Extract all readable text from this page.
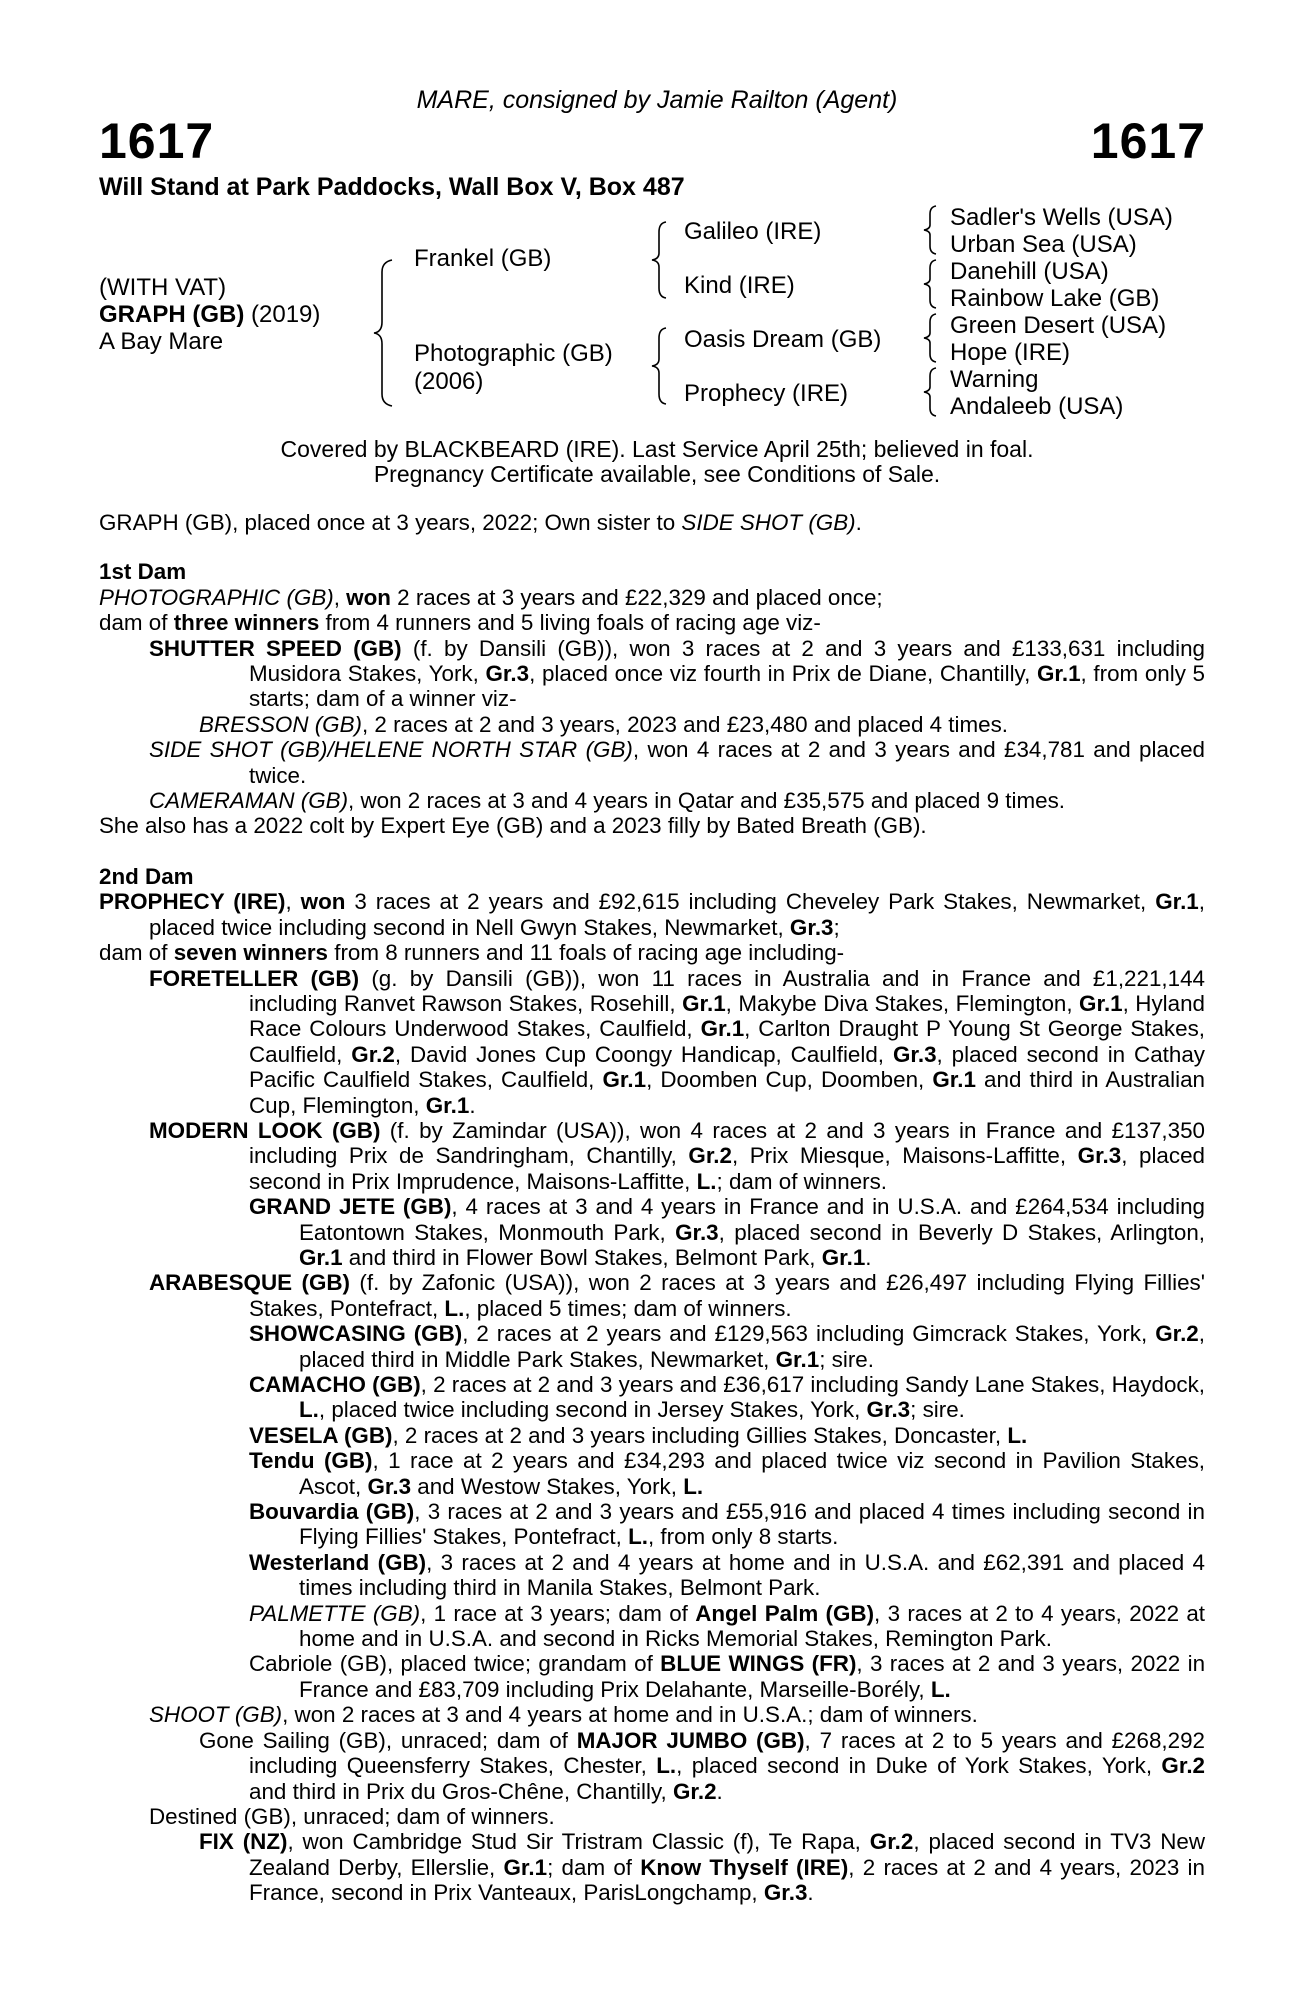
1617	1617
MARE, consigned by Jamie Railton (Agent)
Will Stand at Park Paddocks, Wall Box V, Box 487
(WITH VAT)
GRAPH (GB) (2019)
A Bay Mare
Frankel (GB)
Photographic (GB)
(2006)
Galileo (IRE)
Kind (IRE)
Oasis Dream (GB)
Prophecy (IRE)
Sadler's Wells (USA)
Urban Sea (USA)
Danehill (USA)
Rainbow Lake (GB)
Green Desert (USA)
Hope (IRE)
Warning
Andaleeb (USA)
Covered by BLACKBEARD (IRE). Last Service April 25th; believed in foal.
Pregnancy Certificate available, see Conditions of Sale.

GRAPH (GB), placed once at 3 years, 2022; Own sister to SIDE SHOT (GB).

1st Dam

PHOTOGRAPHIC (GB), won 2 races at 3 years and £22,329 and placed once;

dam of three winners from 4 runners and 5 living foals of racing age viz-

SHUTTER SPEED (GB) (f. by Dansili (GB)), won 3 races at 2 and 3 years and £133,631 including Musidora Stakes, York, Gr.3, placed once viz fourth in Prix de Diane, Chantilly, Gr.1, from only 5 starts; dam of a winner viz-

BRESSON (GB), 2 races at 2 and 3 years, 2023 and £23,480 and placed 4 times.

SIDE SHOT (GB)/HELENE NORTH STAR (GB), won 4 races at 2 and 3 years and £34,781 and placed twice.

CAMERAMAN (GB), won 2 races at 3 and 4 years in Qatar and £35,575 and placed 9 times.

She also has a 2022 colt by Expert Eye (GB) and a 2023 filly by Bated Breath (GB).

2nd Dam

PROPHECY (IRE), won 3 races at 2 years and £92,615 including Cheveley Park Stakes, Newmarket, Gr.1, placed twice including second in Nell Gwyn Stakes, Newmarket, Gr.3;

dam of seven winners from 8 runners and 11 foals of racing age including-

FORETELLER (GB) (g. by Dansili (GB)), won 11 races in Australia and in France and £1,221,144 including Ranvet Rawson Stakes, Rosehill, Gr.1, Makybe Diva Stakes, Flemington, Gr.1, Hyland Race Colours Underwood Stakes, Caulfield, Gr.1, Carlton Draught P Young St George Stakes, Caulfield, Gr.2, David Jones Cup Coongy Handicap, Caulfield, Gr.3, placed second in Cathay Pacific Caulfield Stakes, Caulfield, Gr.1, Doomben Cup, Doomben, Gr.1 and third in Australian Cup, Flemington, Gr.1.

MODERN LOOK (GB) (f. by Zamindar (USA)), won 4 races at 2 and 3 years in France and £137,350 including Prix de Sandringham, Chantilly, Gr.2, Prix Miesque, Maisons-Laffitte, Gr.3, placed second in Prix Imprudence, Maisons-Laffitte, L.; dam of winners.

GRAND JETE (GB), 4 races at 3 and 4 years in France and in U.S.A. and £264,534 including Eatontown Stakes, Monmouth Park, Gr.3, placed second in Beverly D Stakes, Arlington, Gr.1 and third in Flower Bowl Stakes, Belmont Park, Gr.1.

ARABESQUE (GB) (f. by Zafonic (USA)), won 2 races at 3 years and £26,497 including Flying Fillies' Stakes, Pontefract, L., placed 5 times; dam of winners.

SHOWCASING (GB), 2 races at 2 years and £129,563 including Gimcrack Stakes, York, Gr.2, placed third in Middle Park Stakes, Newmarket, Gr.1; sire.

CAMACHO (GB), 2 races at 2 and 3 years and £36,617 including Sandy Lane Stakes, Haydock, L., placed twice including second in Jersey Stakes, York, Gr.3; sire.

VESELA (GB), 2 races at 2 and 3 years including Gillies Stakes, Doncaster, L.

Tendu (GB), 1 race at 2 years and £34,293 and placed twice viz second in Pavilion Stakes, Ascot, Gr.3 and Westow Stakes, York, L.

Bouvardia (GB), 3 races at 2 and 3 years and £55,916 and placed 4 times including second in Flying Fillies' Stakes, Pontefract, L., from only 8 starts.

Westerland (GB), 3 races at 2 and 4 years at home and in U.S.A. and £62,391 and placed 4 times including third in Manila Stakes, Belmont Park.

PALMETTE (GB), 1 race at 3 years; dam of Angel Palm (GB), 3 races at 2 to 4 years, 2022 at home and in U.S.A. and second in Ricks Memorial Stakes, Remington Park.

Cabriole (GB), placed twice; grandam of BLUE WINGS (FR), 3 races at 2 and 3 years, 2022 in France and £83,709 including Prix Delahante, Marseille-Borély, L.

SHOOT (GB), won 2 races at 3 and 4 years at home and in U.S.A.; dam of winners.

Gone Sailing (GB), unraced; dam of MAJOR JUMBO (GB), 7 races at 2 to 5 years and £268,292 including Queensferry Stakes, Chester, L., placed second in Duke of York Stakes, York, Gr.2 and third in Prix du Gros-Chêne, Chantilly, Gr.2.

Destined (GB), unraced; dam of winners.

FIX (NZ), won Cambridge Stud Sir Tristram Classic (f), Te Rapa, Gr.2, placed second in TV3 New Zealand Derby, Ellerslie, Gr.1; dam of Know Thyself (IRE), 2 races at 2 and 4 years, 2023 in France, second in Prix Vanteaux, ParisLongchamp, Gr.3.
